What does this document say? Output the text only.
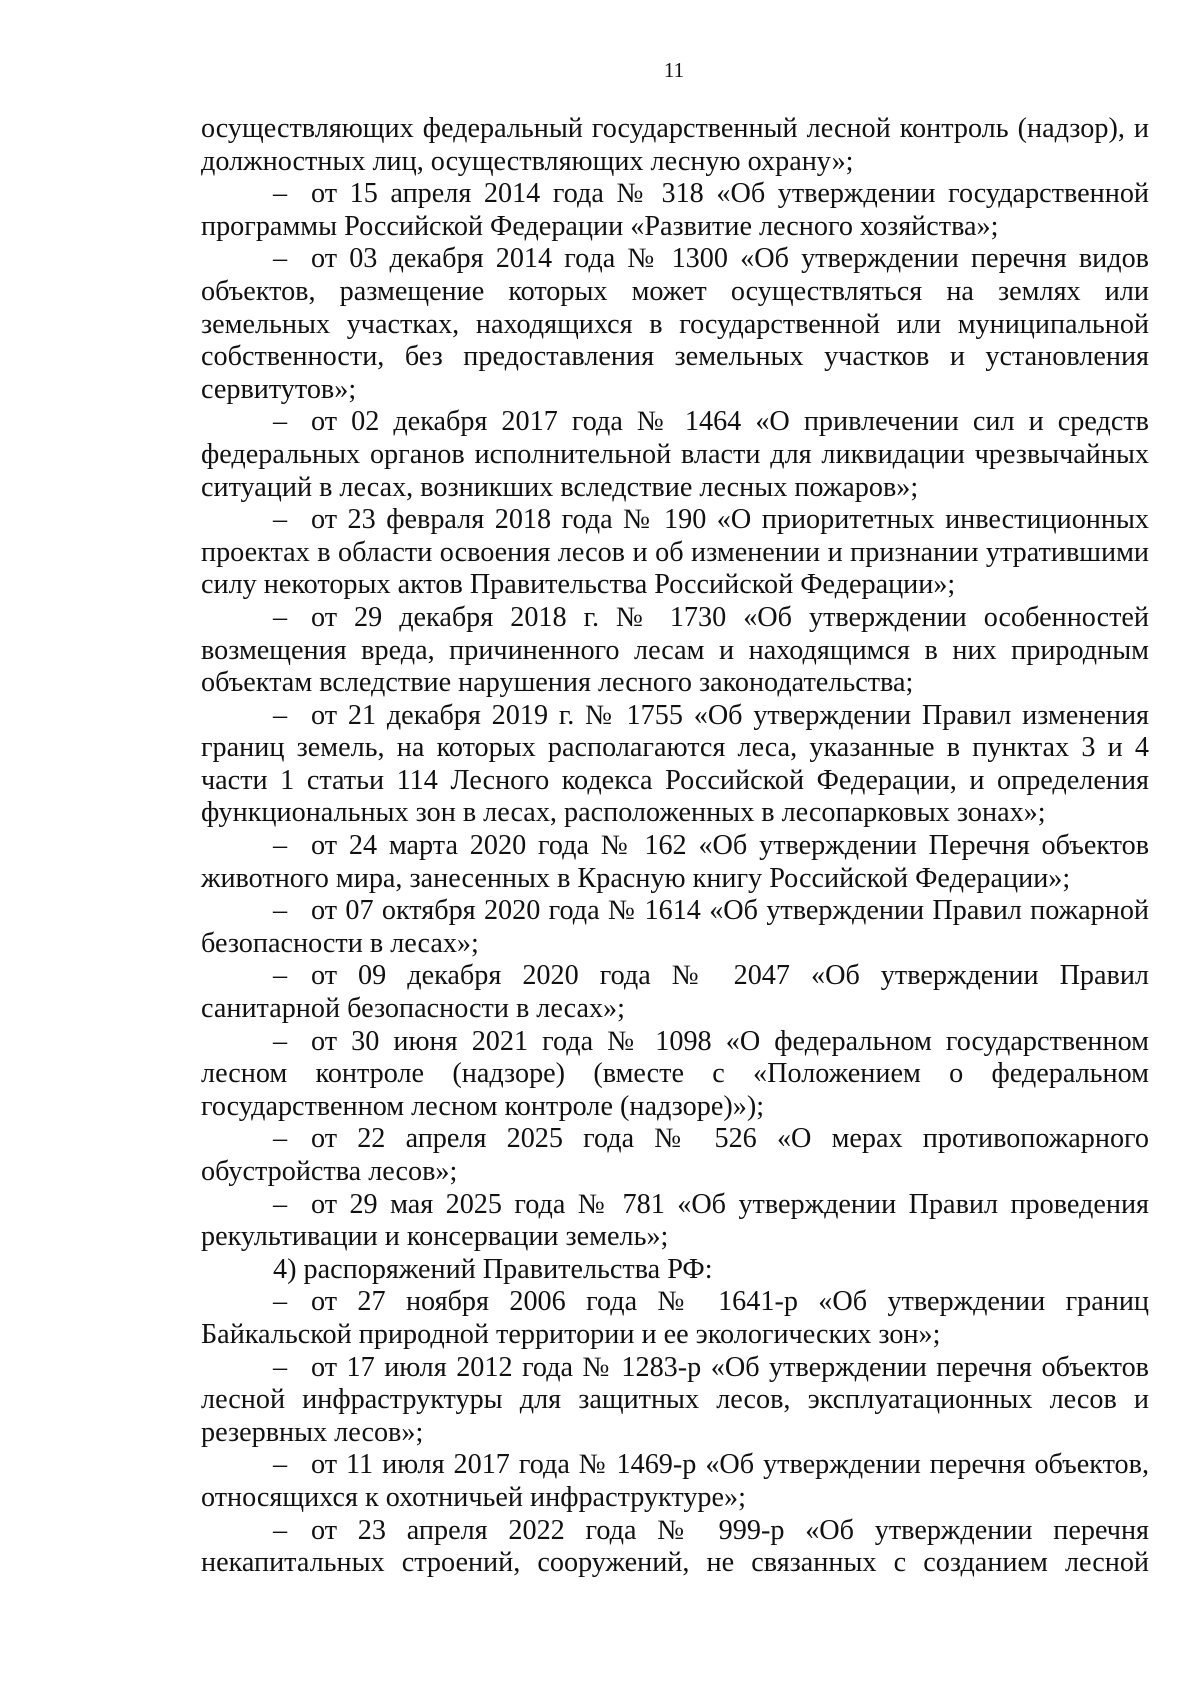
11
осуществляющих федеральный государственный лесной контроль (надзор), и
должностных лиц, осуществляющих лесную охрану»;
– от 15 апреля 2014 года № 318 «Об утверждении государственной
программы Российской Федерации «Развитие лесного хозяйства»;
– от 03 декабря 2014 года № 1300 «Об утверждении перечня видов
объектов, размещение которых может осуществляться на землях или
земельных участках, находящихся в государственной или муниципальной
собственности, без предоставления земельных участков и установления
сервитутов»;
– от 02 декабря 2017 года № 1464 «О привлечении сил и средств
федеральных органов исполнительной власти для ликвидации чрезвычайных
ситуаций в лесах, возникших вследствие лесных пожаров»;
– от 23 февраля 2018 года № 190 «О приоритетных инвестиционных
проектах в области освоения лесов и об изменении и признании утратившими
силу некоторых актов Правительства Российской Федерации»;
– от 29 декабря 2018 г. № 1730 «Об утверждении особенностей
возмещения вреда, причиненного лесам и находящимся в них природным
объектам вследствие нарушения лесного законодательства;
– от 21 декабря 2019 г. № 1755 «Об утверждении Правил изменения
границ земель, на которых располагаются леса, указанные в пунктах 3 и 4
части 1 статьи 114 Лесного кодекса Российской Федерации, и определения
функциональных зон в лесах, расположенных в лесопарковых зонах»;
– от 24 марта 2020 года № 162 «Об утверждении Перечня объектов
животного мира, занесенных в Красную книгу Российской Федерации»;
– от 07 октября 2020 года № 1614 «Об утверждении Правил пожарной
безопасности в лесах»;
– от 09 декабря 2020 года № 2047 «Об утверждении Правил
санитарной безопасности в лесах»;
– от 30 июня 2021 года № 1098 «О федеральном государственном
лесном контроле (надзоре) (вместе с «Положением о федеральном
государственном лесном контроле (надзоре)»);
– от 22 апреля 2025 года № 526 «О мерах противопожарного
обустройства лесов»;
– от 29 мая 2025 года № 781 «Об утверждении Правил проведения
рекультивации и консервации земель»;
4) распоряжений Правительства РФ:
– от 27 ноября 2006 года № 1641-р «Об утверждении границ
Байкальской природной территории и ее экологических зон»;
– от 17 июля 2012 года № 1283-р «Об утверждении перечня объектов
лесной инфраструктуры для защитных лесов, эксплуатационных лесов и
резервных лесов»;
– от 11 июля 2017 года № 1469-р «Об утверждении перечня объектов,
относящихся к охотничьей инфраструктуре»;
– от 23 апреля 2022 года № 999-р «Об утверждении перечня
некапитальных строений, сооружений, не связанных с созданием лесной
